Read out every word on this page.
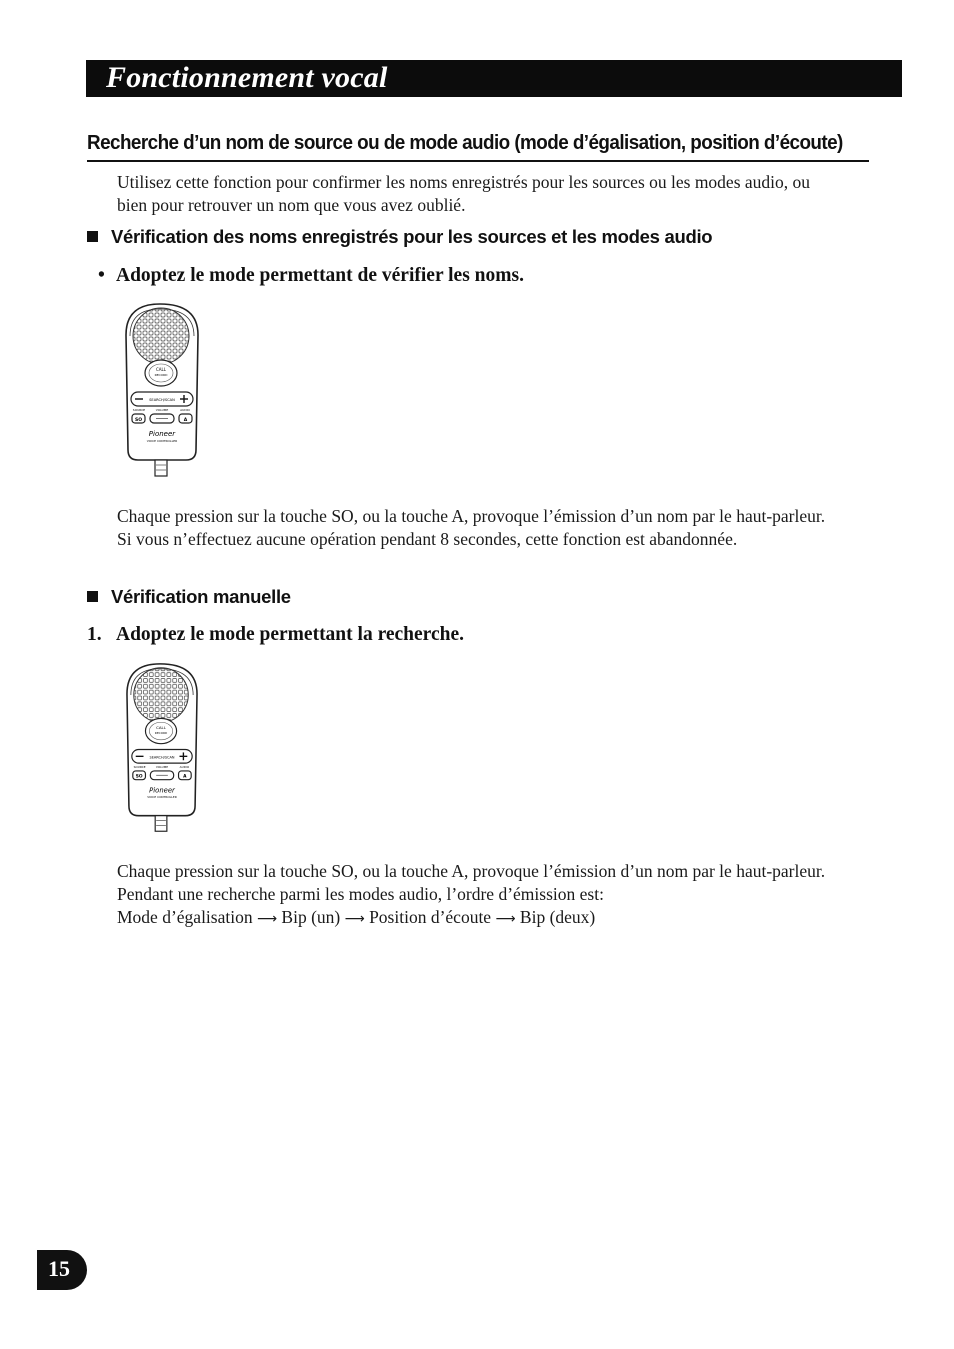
Fonctionnement vocal
Recherche d’un nom de source ou de mode audio (mode d’égalisation, position d’écoute)

Utilisez cette fonction pour confirmer les noms enregistrés pour les sources ou les modes audio, ou bien pour retrouver un nom que vous avez oublié.

Vérification des noms enregistrés pour les sources et les modes audio
• Adoptez le mode permettant de vérifier les noms.
CALL
RECORD
SEARCH/SCAN
SOURCE	VOLUME	AUDIO
SO	A
Pioneer
VOICE CONTROLLER

Chaque pression sur la touche SO, ou la touche A, provoque l’émission d’un nom par le haut-parleur.

Si vous n’effectuez aucune opération pendant 8 secondes, cette fonction est abandonnée.

Vérification manuelle
1. Adoptez le mode permettant la recherche.
CALL
RECORD
SEARCH/SCAN
SOURCE	VOLUME	AUDIO
SO	A
Pioneer
VOICE CONTROLLER

Chaque pression sur la touche SO, ou la touche A, provoque l’émission d’un nom par le haut-parleur.

Pendant une recherche parmi les modes audio, l’ordre d’émission est:

Mode d’égalisation ⟶ Bip (un) ⟶ Position d’écoute ⟶ Bip (deux)

15
